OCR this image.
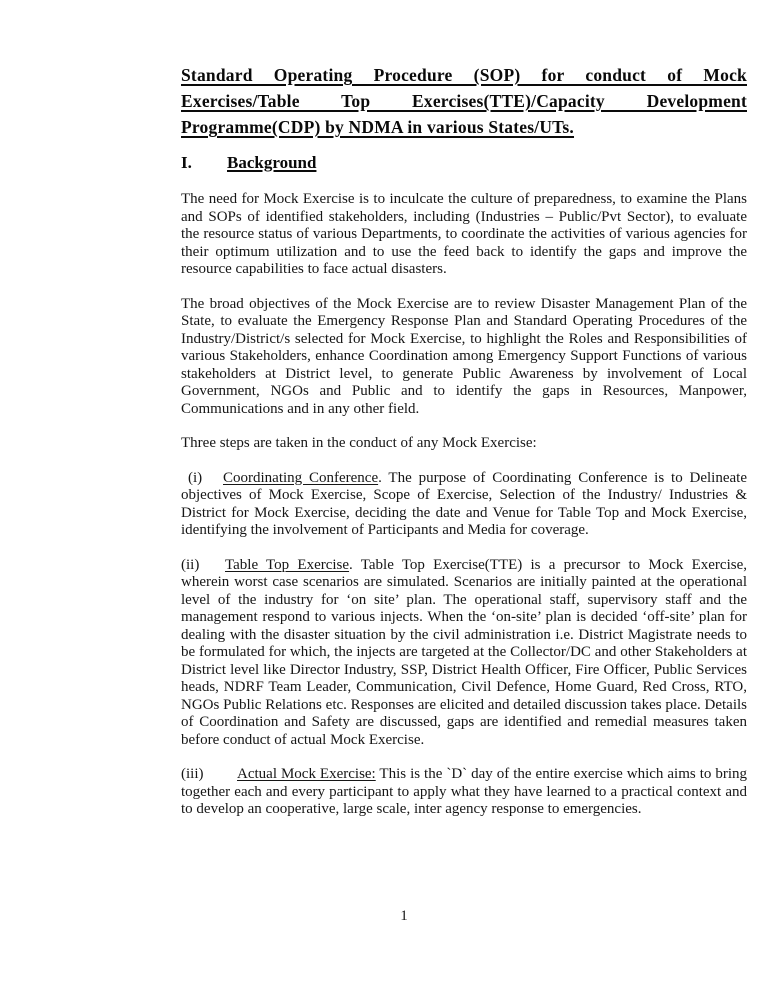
Standard Operating Procedure (SOP) for conduct of Mock
Exercises/Table Top Exercises(TTE)/Capacity Development
Programme(CDP) by NDMA in various States/UTs.
I. Background

The need for Mock Exercise is to inculcate the culture of preparedness, to examine the Plans and SOPs of identified stakeholders, including (Industries – Public/Pvt Sector), to evaluate the resource status of various Departments, to coordinate the activities of various agencies for their optimum utilization and to use the feed back to identify the gaps and improve the resource capabilities to face actual disasters.

The broad objectives of the Mock Exercise are to review Disaster Management Plan of the State, to evaluate the Emergency Response Plan and Standard Operating Procedures of the Industry/District/s selected for Mock Exercise, to highlight the Roles and Responsibilities of various Stakeholders, enhance Coordination among Emergency Support Functions of various stakeholders at District level, to generate Public Awareness by involvement of Local Government, NGOs and Public and to identify the gaps in Resources, Manpower, Communications and in any other field.

Three steps are taken in the conduct of any Mock Exercise:

(i) Coordinating Conference. The purpose of Coordinating Conference is to Delineate objectives of Mock Exercise, Scope of Exercise, Selection of the Industry/ Industries & District for Mock Exercise, deciding the date and Venue for Table Top and Mock Exercise, identifying the involvement of Participants and Media for coverage.

(ii) Table Top Exercise. Table Top Exercise(TTE) is a precursor to Mock Exercise, wherein worst case scenarios are simulated. Scenarios are initially painted at the operational level of the industry for ‘on site’ plan. The operational staff, supervisory staff and the management respond to various injects. When the ‘on-site’ plan is decided ‘off-site’ plan for dealing with the disaster situation by the civil administration i.e. District Magistrate needs to be formulated for which, the injects are targeted at the Collector/DC and other Stakeholders at District level like Director Industry, SSP, District Health Officer, Fire Officer, Public Services heads, NDRF Team Leader, Communication, Civil Defence, Home Guard, Red Cross, RTO, NGOs Public Relations etc. Responses are elicited and detailed discussion takes place. Details of Coordination and Safety are discussed, gaps are identified and remedial measures taken before conduct of actual Mock Exercise.

(iii) Actual Mock Exercise: This is the `D` day of the entire exercise which aims to bring together each and every participant to apply what they have learned to a practical context and to develop an cooperative, large scale, inter agency response to emergencies.

1
